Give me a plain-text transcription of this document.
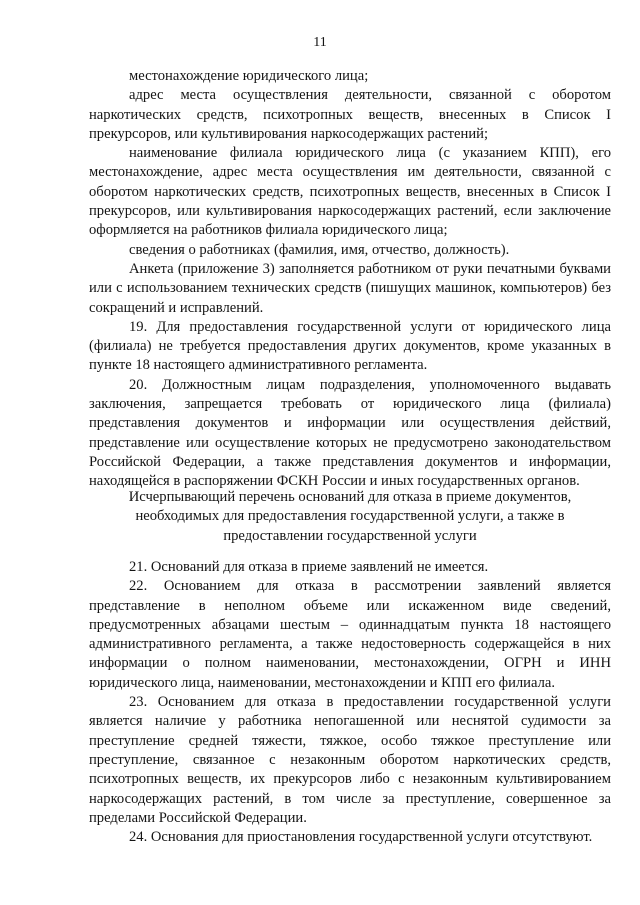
11

местонахождение юридического лица;

адрес места осуществления деятельности, связанной с оборотом наркотических средств, психотропных веществ, внесенных в Список I прекурсоров, или культивирования наркосодержащих растений;

наименование филиала юридического лица (с указанием КПП), его местонахождение, адрес места осуществления им деятельности, связанной с оборотом наркотических средств, психотропных веществ, внесенных в Список I прекурсоров, или культивирования наркосодержащих растений, если заключение оформляется на работников филиала юридического лица;

сведения о работниках (фамилия, имя, отчество, должность).

Анкета (приложение 3) заполняется работником от руки печатными буквами или с использованием технических средств (пишущих машинок, компьютеров) без сокращений и исправлений.

19. Для предоставления государственной услуги от юридического лица (филиала) не требуется предоставления других документов, кроме указанных в пункте 18 настоящего административного регламента.

20. Должностным лицам подразделения, уполномоченного выдавать заключения, запрещается требовать от юридического лица (филиала) представления документов и информации или осуществления действий, представление или осуществление которых не предусмотрено законодательством Российской Федерации, а также представления документов и информации, находящейся в распоряжении ФСКН России и иных государственных органов.

Исчерпывающий перечень оснований для отказа в приеме документов, необходимых для предоставления государственной услуги, а также в предоставлении государственной услуги

21. Оснований для отказа в приеме заявлений не имеется.

22. Основанием для отказа в рассмотрении заявлений является представление в неполном объеме или искаженном виде сведений, предусмотренных абзацами шестым – одиннадцатым пункта 18 настоящего административного регламента, а также недостоверность содержащейся в них информации о полном наименовании, местонахождении, ОГРН и ИНН юридического лица, наименовании, местонахождении и КПП его филиала.

23. Основанием для отказа в предоставлении государственной услуги является наличие у работника непогашенной или неснятой судимости за преступление средней тяжести, тяжкое, особо тяжкое преступление или преступление, связанное с незаконным оборотом наркотических средств, психотропных веществ, их прекурсоров либо с незаконным культивированием наркосодержащих растений, в том числе за преступление, совершенное за пределами Российской Федерации.

24. Основания для приостановления государственной услуги отсутствуют.
